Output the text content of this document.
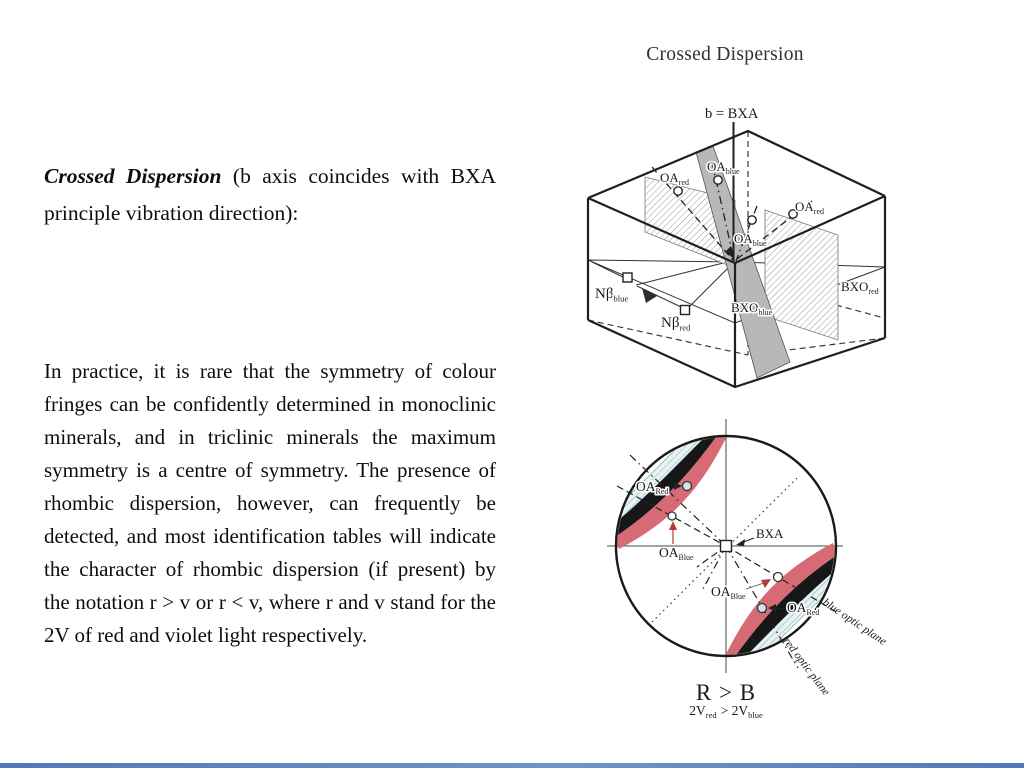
Crossed Dispersion
Crossed Dispersion (b axis coincides with BXA principle vibration direction):

In practice, it is rare that the symmetry of colour fringes can be confidently determined in monoclinic minerals, and in triclinic minerals the maximum symmetry is a centre of symmetry. The presence of rhombic dispersion, however, can frequently be detected, and most identification tables will indicate the character of rhombic dispersion (if present) by the notation r > v or r < v, where r and v stand for the 2V of red and violet light respectively.

b = BXA
$OA_{red}$
$OA_{blue}$
$OA_{red}$
$OA_{blue}$
$N\beta_{blue}$
$N\beta_{red}$
$BXO_{blue}$
$BXO_{red}$
BXA
$OA_{Red}$
$OA_{Blue}$
$OA_{Blue}$
$OA_{Red}$ blue optic plane
red optic plane
R > B
$2V_{red} > 2V_{blue}$
